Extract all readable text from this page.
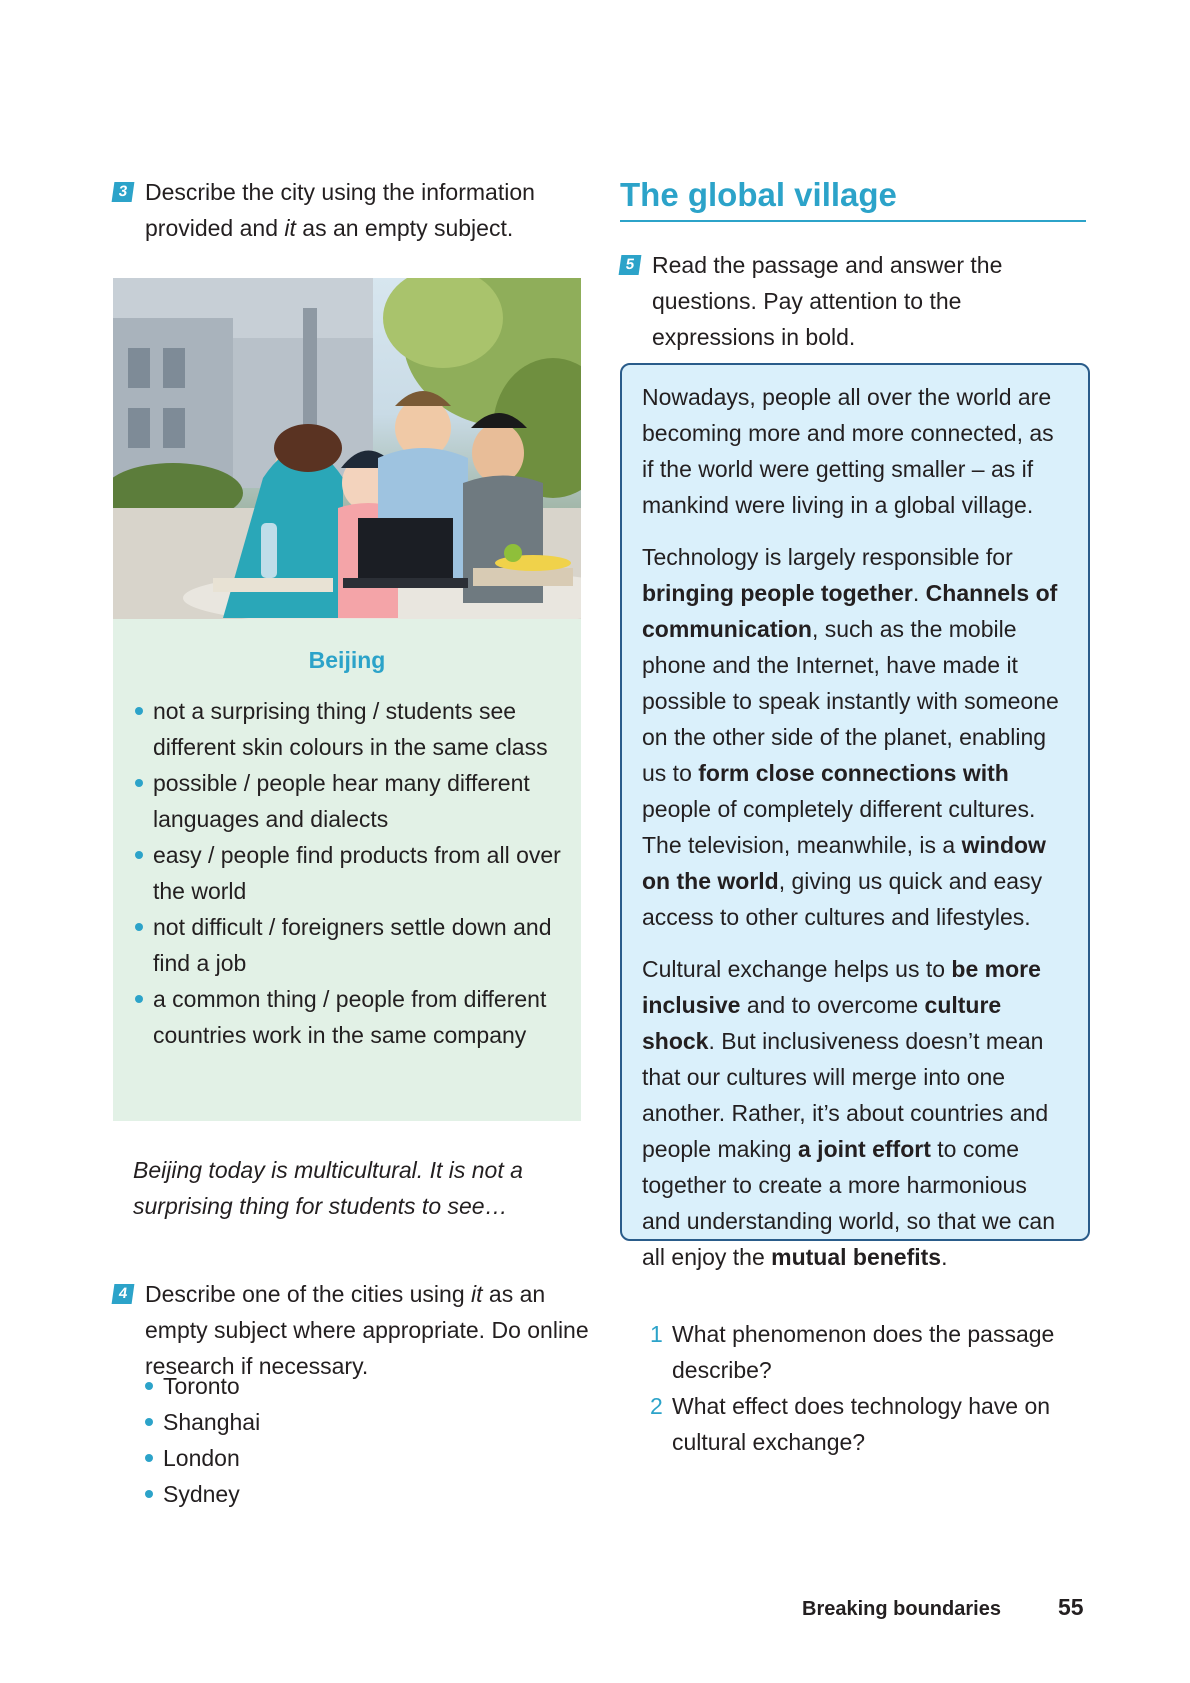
3 Describe the city using the information provided and it as an empty subject.
Beijing
not a surprising thing / students see different skin colours in the same class
possible / people hear many different languages and dialects
easy / people find products from all over the world
not difficult / foreigners settle down and find a job
a common thing / people from different countries work in the same company
Beijing today is multicultural. It is not a surprising thing for students to see…
4 Describe one of the cities using it as an empty subject where appropriate. Do online research if necessary.
Toronto
Shanghai
London
Sydney
The global village
5 Read the passage and answer the questions. Pay attention to the expressions in bold.

Nowadays, people all over the world are becoming more and more connected, as if the world were getting smaller – as if mankind were living in a global village.

Technology is largely responsible for bringing people together. Channels of communication, such as the mobile phone and the Internet, have made it possible to speak instantly with someone on the other side of the planet, enabling us to form close connections with people of completely different cultures. The television, meanwhile, is a window on the world, giving us quick and easy access to other cultures and lifestyles.

Cultural exchange helps us to be more inclusive and to overcome culture shock. But inclusiveness doesn’t mean that our cultures will merge into one another. Rather, it’s about countries and people making a joint effort to come together to create a more harmonious and understanding world, so that we can all enjoy the mutual benefits.

1 What phenomenon does the passage describe?
2 What effect does technology have on cultural exchange?
Breaking boundaries 55
